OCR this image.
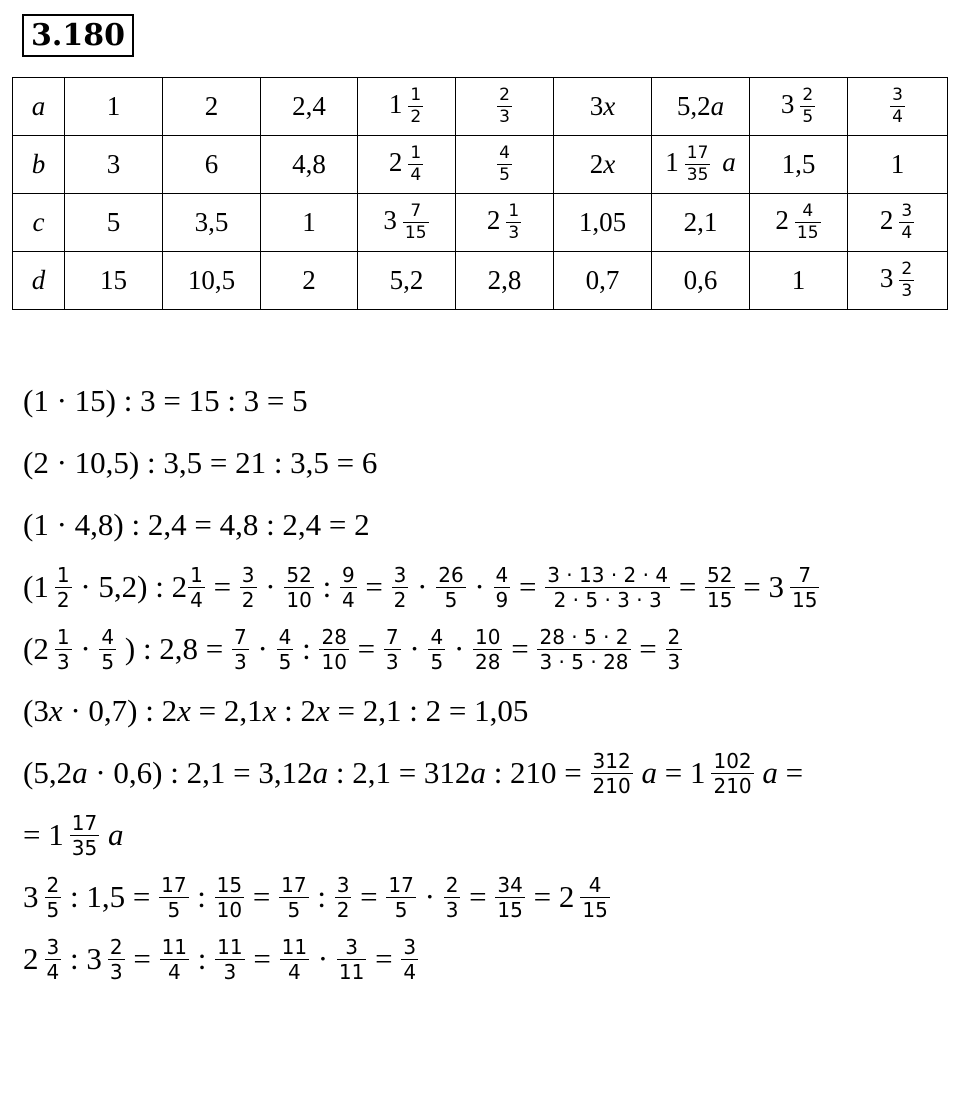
3.180
a	1	2	2,4	$1 \frac{1}{2}$	$\frac{2}{3}$	3x	5,2a	$3 \frac{2}{5}$	$\frac{3}{4}$

b	3	6	4,8	$2 \frac{1}{4}$	$\frac{4}{5}$	2x	$1 \frac{17}{35}$ a	1,5	1
c	5	3,5	1	$3 \frac{7}{15}$	$2 \frac{1}{3}$	1,05	2,1	$2 \frac{4}{15}$	$2 \frac{3}{4}$

d	15	10,5	2	5,2	2,8	0,7	0,6	1	$3 \frac{2}{3}$
(1 · 15) : 3 = 15 : 3 = 5
(2 · 10,5) : 3,5 = 21 : 3,5 = 6
(1 · 4,8) : 2,4 = 4,8 : 2,4 = 2
( $1 \frac{1}{2} \cdot 5,2$) : $2 \frac{1}{4} = \frac{3}{2} \cdot \frac{52}{10}$ : $\frac{9}{4} = \frac{3}{2} \cdot \frac{26}{5} \cdot \frac{4}{9} = \frac{3 \cdot 13 \cdot 2 \cdot 4}{2 \cdot 5 \cdot 3 \cdot 3} = \frac{52}{15} = 3 \frac{7}{15}$
( $2 \frac{1}{3} \cdot \frac{4}{5}$ ) : $2,8 = \frac{7}{3} \cdot \frac{4}{5}$ : $\frac{28}{10} = \frac{7}{3} \cdot \frac{4}{5} \cdot \frac{10}{28} = \frac{28 \cdot 5 \cdot 2}{3 \cdot 5 \cdot 28} = \frac{2}{3}$
(3 x · 0,7) : 2 x = 2,1 x : 2 x = 2,1 : 2 = 1,05
(5,2 a · 0,6) : 2,1 = 3,12 a : 2,1 = 312 a : $210 = \frac{312}{210}$ $a = 1 \frac{102}{210}$ a =
= $1 \frac{17}{35}$ a
$3 \frac{2}{5}$ : $1,5 = \frac{17}{5}$ : $\frac{15}{10} = \frac{17}{5}$ : $\frac{3}{2} = \frac{17}{5} \cdot \frac{2}{3} = \frac{34}{15} = 2 \frac{4}{15}$
$2 \frac{3}{4}$ : $3 \frac{2}{3} = \frac{11}{4}$ : $\frac{11}{3} = \frac{11}{4} \cdot \frac{3}{11} = \frac{3}{4}$
